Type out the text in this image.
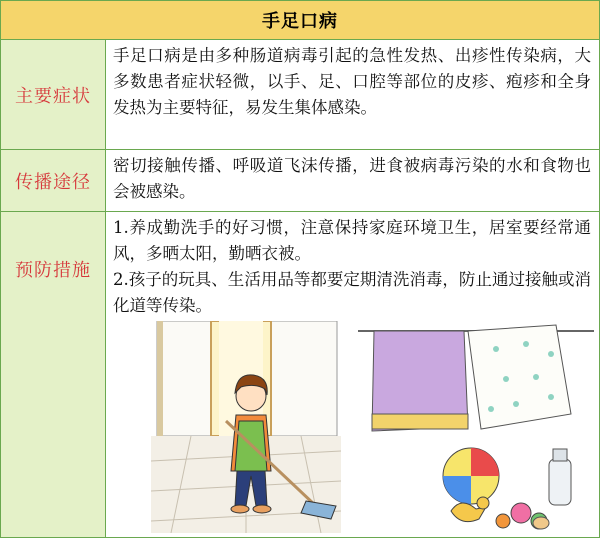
手足口病
主要症状
手足口病是由多种肠道病毒引起的急性发热、出疹性传染病，大多数患者症状轻微，以手、足、口腔等部位的皮疹、疱疹和全身发热为主要特征，易发生集体感染。
传播途径
密切接触传播、呼吸道飞沫传播，进食被病毒污染的水和食物也会被感染。
预防措施
1.养成勤洗手的好习惯，注意保持家庭环境卫生，居室要经常通风，多晒太阳，勤晒衣被。
2.孩子的玩具、生活用品等都要定期清洗消毒，防止通过接触或消化道等传染。
